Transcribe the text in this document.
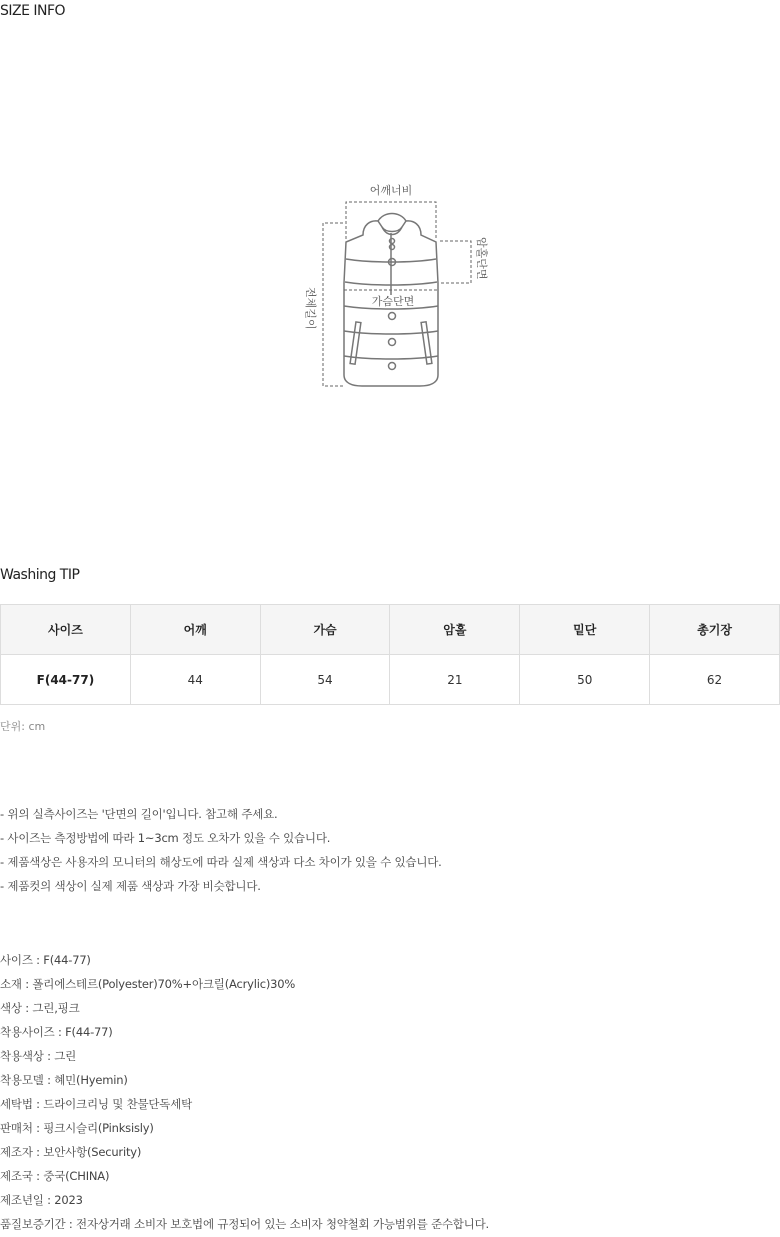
SIZE INFO
어깨너비
가슴단면
암홀단면
전체길이
Washing TIP
사이즈	어깨	가슴	암홀	밑단	총기장
F(44-77)	44	54	21	50	62
단위: cm
- 위의 실측사이즈는 '단면의 길이'입니다. 참고해 주세요.
- 사이즈는 측정방법에 따라 1~3cm 정도 오차가 있을 수 있습니다.
- 제품색상은 사용자의 모니터의 해상도에 따라 실제 색상과 다소 차이가 있을 수 있습니다.
- 제품컷의 색상이 실제 제품 색상과 가장 비슷합니다.
사이즈 : F(44-77)
소재 : 폴리에스테르(Polyester)70%+아크릴(Acrylic)30%
색상 : 그린,핑크
착용사이즈 : F(44-77)
착용색상 : 그린
착용모델 : 혜민(Hyemin)
세탁법 : 드라이크리닝 및 찬물단독세탁
판매처 : 핑크시슬리(Pinksisly)
제조자 : 보안사항(Security)
제조국 : 중국(CHINA)
제조년일 : 2023
품질보증기간 : 전자상거래 소비자 보호법에 규정되어 있는 소비자 청약철회 가능범위를 준수합니다.
